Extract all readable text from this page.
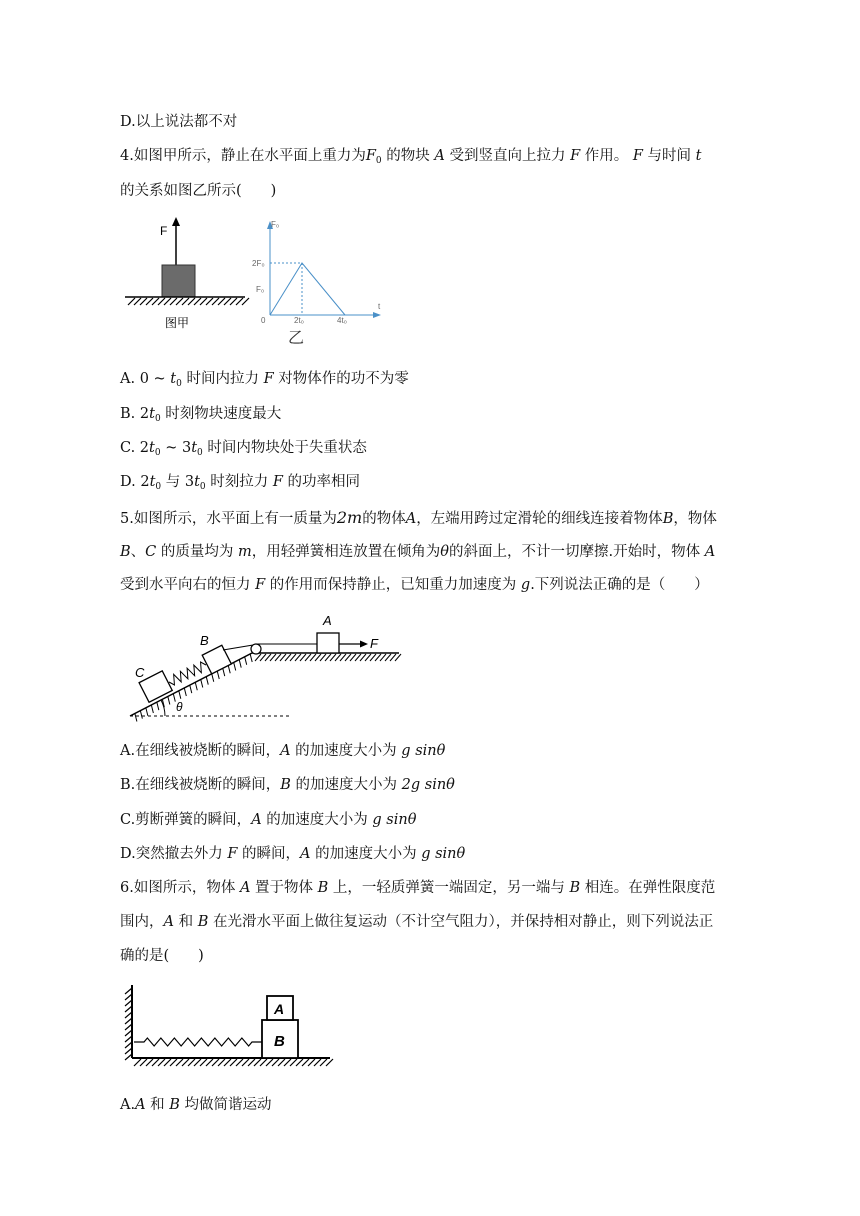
D.以上说法都不对
4.如图甲所示，静止在水平面上重力为$F_0$ 的物块 A 受到竖直向上拉力 F 作用。 F 与时间 t
的关系如图乙所示(　　)
F
图甲
F₀
t
2F₀
F₀
0	2t₀	4t₀
乙
A. 0 ~ $t_0$ 时间内拉力 F 对物体作的功不为零
B. $2t_0$ 时刻物块速度最大
C. $2t_0$ ~ $3t_0$ 时间内物块处于失重状态
D. $2t_0$ 与 $3t_0$ 时刻拉力 F 的功率相同
5.如图所示，水平面上有一质量为2m的物体A，左端用跨过定滑轮的细线连接着物体B，物体
B、C 的质量均为 m，用轻弹簧相连放置在倾角为θ的斜面上，不计一切摩擦.开始时，物体 A
受到水平向右的恒力 F 的作用而保持静止，已知重力加速度为 g.下列说法正确的是（　　）
θ
C
B
A
F
A.在细线被烧断的瞬间，A 的加速度大小为 g sinθ
B.在细线被烧断的瞬间，B 的加速度大小为 2g sinθ
C.剪断弹簧的瞬间，A 的加速度大小为 g sinθ
D.突然撤去外力 F 的瞬间，A 的加速度大小为 g sinθ
6.如图所示，物体 A 置于物体 B 上，一轻质弹簧一端固定，另一端与 B 相连。在弹性限度范
围内，A 和 B 在光滑水平面上做往复运动（不计空气阻力），并保持相对静止，则下列说法正
确的是(　　)
B
A
A.A 和 B 均做简谐运动
